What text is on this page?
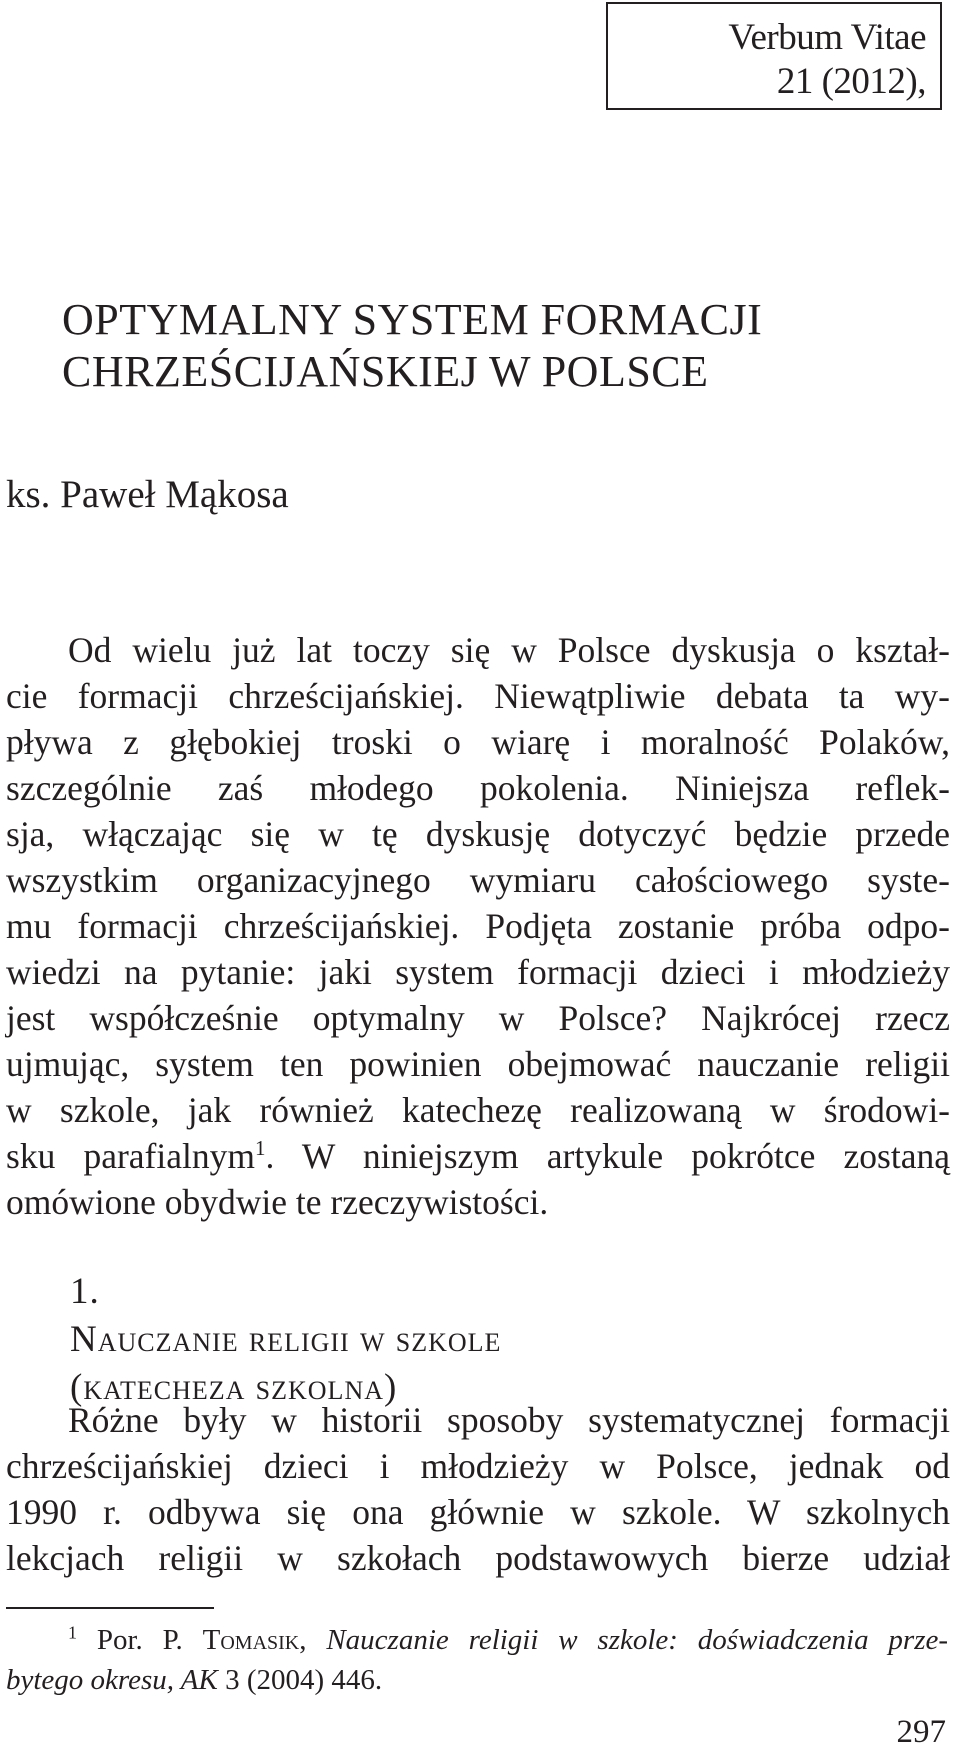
Verbum Vitae
21 (2012),
OPTYMALNY SYSTEM FORMACJI
CHRZEŚCIJAŃSKIEJ W POLSCE
ks. Paweł Mąkosa
Od wielu już lat toczy się w Polsce dyskusja o kształ-
cie formacji chrześcijańskiej. Niewątpliwie debata ta wy-
pływa z głębokiej troski o wiarę i moralność Polaków,
szczególnie zaś młodego pokolenia. Niniejsza reflek-
sja, włączając się w tę dyskusję dotyczyć będzie przede
wszystkim organizacyjnego wymiaru całościowego syste-
mu formacji chrześcijańskiej. Podjęta zostanie próba odpo-
wiedzi na pytanie: jaki system formacji dzieci i młodzieży
jest współcześnie optymalny w Polsce? Najkrócej rzecz
ujmując, system ten powinien obejmować nauczanie religii
w szkole, jak również katechezę realizowaną w środowi-
sku parafialnym$^1$. W niniejszym artykule pokrótce zostaną
omówione obydwie te rzeczywistości.
1.
Nauczanie religii w szkole
(katecheza szkolna)
Różne były w historii sposoby systematycznej formacji
chrześcijańskiej dzieci i młodzieży w Polsce, jednak od
1990 r. odbywa się ona głównie w szkole. W szkolnych
lekcjach religii w szkołach podstawowych bierze udział
$^1$ Por. P. Tomasik, Nauczanie religii w szkole: doświadczenia prze-
bytego okresu, AK 3 (2004) 446.
297
